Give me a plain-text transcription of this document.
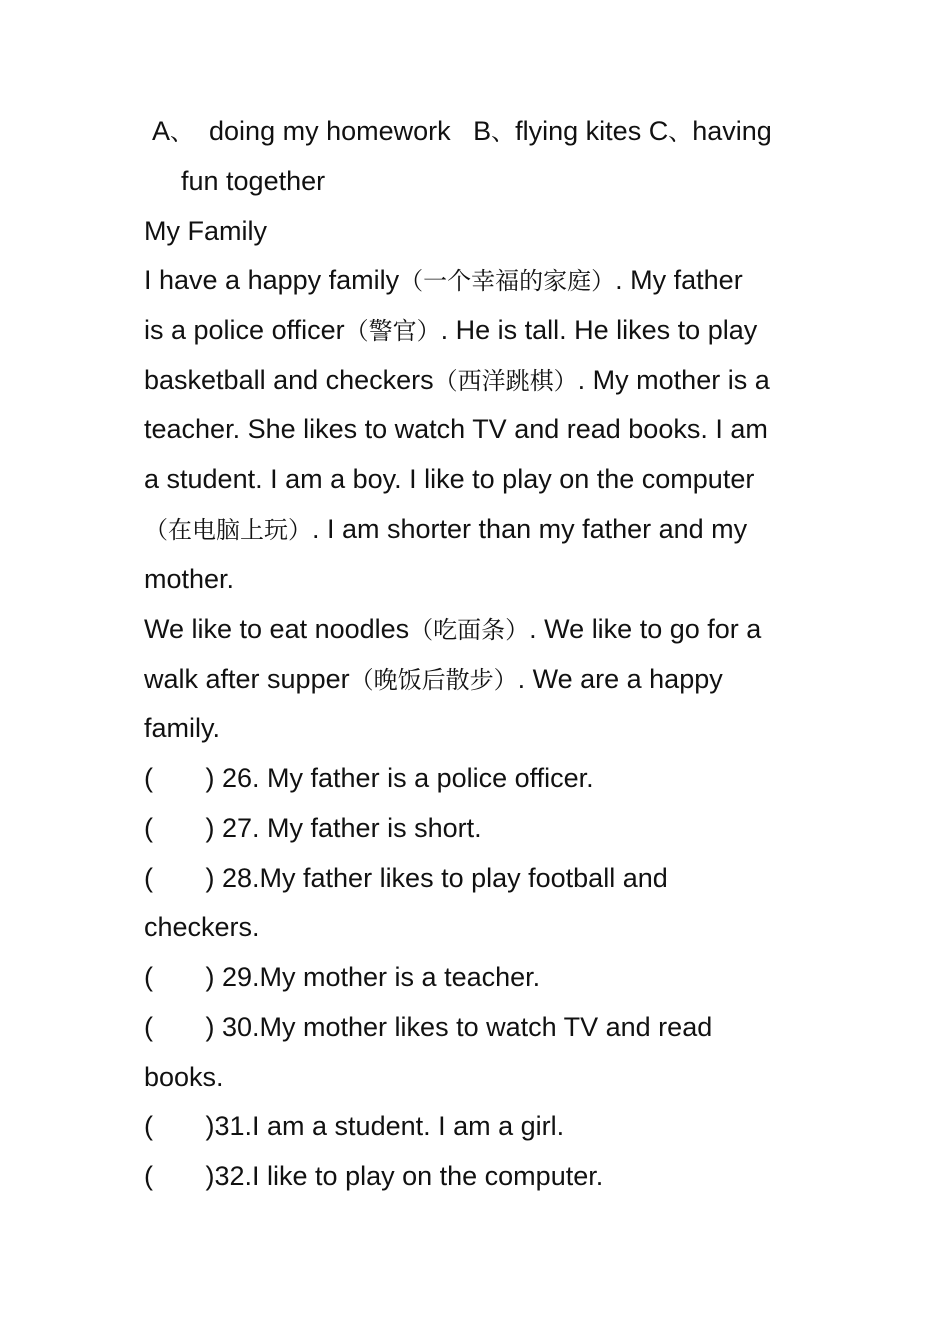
A、  doing my homework   B、flying kites C、having
fun together
My Family
I have a happy family（一个幸福的家庭）. My father
is a police officer（警官）. He is tall. He likes to play
basketball and checkers（西洋跳棋）. My mother is a
teacher. She likes to watch TV and read books. I am
a student. I am a boy. I like to play on the computer
（在电脑上玩）. I am shorter than my father and my
mother.
We like to eat noodles（吃面条）. We like to go for a
walk after supper（晚饭后散步）. We are a happy
family.
(       ) 26. My father is a police officer.
(       ) 27. My father is short.
(       ) 28.My father likes to play football and
checkers.
(       ) 29.My mother is a teacher.
(       ) 30.My mother likes to watch TV and read
books.
(       )31.I am a student. I am a girl.
(       )32.I like to play on the computer.
